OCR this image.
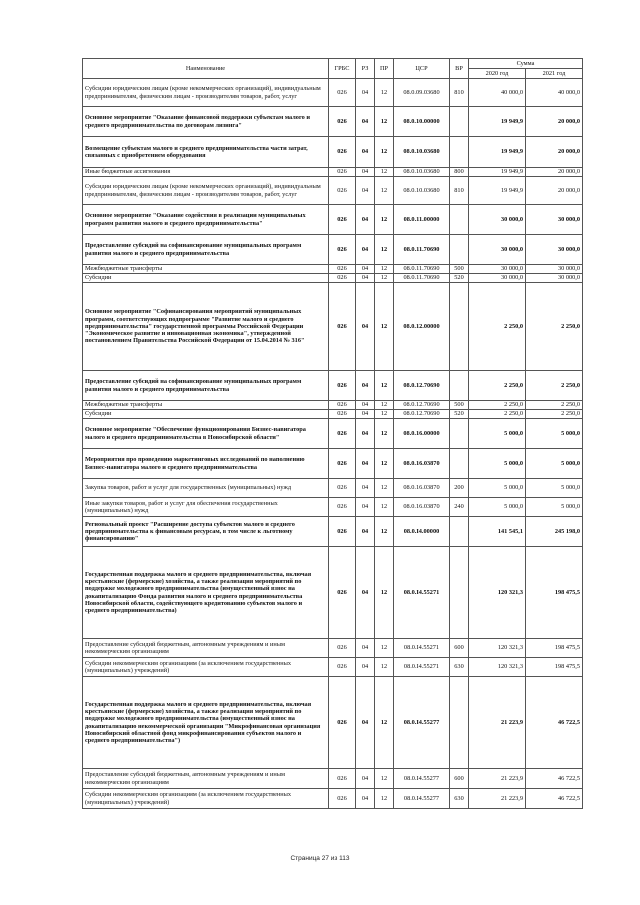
Наименование	ГРБС	РЗ	ПР	ЦСР	ВР	Сумма	
						2020 год	2021 год
Субсидии юридическим лицам (кроме некоммерческих организаций), индивидуальным предпринимателям, физическим лицам - производителям товаров, работ, услуг	026	04	12	08.0.09.03680	810	40 000,0	40 000,0
Основное мероприятие "Оказание финансовой поддержки субъектам малого и среднего предпринимательства по договорам лизинга"	026	04	12	08.0.10.00000		19 949,9	20 000,0
Возмещение субъектам малого и среднего предпринимательства части затрат, связанных с приобретением оборудования	026	04	12	08.0.10.03680		19 949,9	20 000,0
Иные бюджетные ассигнования	026	04	12	08.0.10.03680	800	19 949,9	20 000,0
Субсидии юридическим лицам (кроме некоммерческих организаций), индивидуальным предпринимателям, физическим лицам - производителям товаров, работ, услуг	026	04	12	08.0.10.03680	810	19 949,9	20 000,0
Основное мероприятие "Оказание содействия в реализации муниципальных программ развития малого и среднего предпринимательства"	026	04	12	08.0.11.00000		30 000,0	30 000,0
Предоставление субсидий на софинансирование муниципальных программ развития малого и среднего предпринимательства	026	04	12	08.0.11.70690		30 000,0	30 000,0
Межбюджетные трансферты	026	04	12	08.0.11.70690	500	30 000,0	30 000,0
Субсидии	026	04	12	08.0.11.70690	520	30 000,0	30 000,0
Основное мероприятие "Софинансирования мероприятий муниципальных программ, соответствующих подпрограмме "Развитие малого и среднего предпринимательства" государственной программы Российской Федерации "Экономическое развитие и инновационная экономика", утвержденной постановлением Правительства Российской Федерации от 15.04.2014 № 316"	026	04	12	08.0.12.00000		2 250,0	2 250,0
Предоставление субсидий на софинансирование муниципальных программ развития малого и среднего предпринимательства	026	04	12	08.0.12.70690		2 250,0	2 250,0
Межбюджетные трансферты	026	04	12	08.0.12.70690	500	2 250,0	2 250,0
Субсидии	026	04	12	08.0.12.70690	520	2 250,0	2 250,0
Основное мероприятие "Обеспечение функционирования Бизнес-навигатора малого и среднего предпринимательства в Новосибирской области"	026	04	12	08.0.16.00000		5 000,0	5 000,0
Мероприятия про проведению маркетинговых исследований по наполнению Бизнес-навигатора малого и среднего предпринимательства	026	04	12	08.0.16.03870		5 000,0	5 000,0
Закупка товаров, работ и услуг для государственных (муниципальных) нужд	026	04	12	08.0.16.03870	200	5 000,0	5 000,0
Иные закупки товаров, работ и услуг для обеспечения государственных (муниципальных) нужд	026	04	12	08.0.16.03870	240	5 000,0	5 000,0
Региональный проект "Расширение доступа субъектов малого и среднего предпринимательства к финансовым ресурсам, в том числе к льготному финансированию"	026	04	12	08.0.I4.00000		141 545,1	245 198,0
Государственная поддержка малого и среднего предпринимательства, включая крестьянские (фермерские) хозяйства, а также реализация мероприятий по поддержке молодежного предпринимательства (имущественный взнос на докапитализацию Фонда развития малого и среднего предпринимательства Новосибирской области, содействующего кредитованию субъектов малого и среднего предпринимательства)	026	04	12	08.0.I4.55271		120 321,3	198 475,5
Предоставление субсидий бюджетным, автономным учреждениям и иным некоммерческим организациям	026	04	12	08.0.I4.55271	600	120 321,3	198 475,5
Субсидии некоммерческим организациям (за исключением государственных (муниципальных) учреждений)	026	04	12	08.0.I4.55271	630	120 321,3	198 475,5
Государственная поддержка малого и среднего предпринимательства, включая крестьянские (фермерские) хозяйства, а также реализация мероприятий по поддержке молодежного предпринимательства (имущественный взнос на докапитализацию некоммерческой организации "Микрофинансовая организация Новосибирский областной фонд микрофинансирования субъектов малого и среднего предпринимательства")	026	04	12	08.0.I4.55277		21 223,9	46 722,5
Предоставление субсидий бюджетным, автономным учреждениям и иным некоммерческим организациям	026	04	12	08.0.I4.55277	600	21 223,9	46 722,5
Субсидии некоммерческим организациям (за исключением государственных (муниципальных) учреждений)	026	04	12	08.0.I4.55277	630	21 223,9	46 722,5
Страница 27 из 113
